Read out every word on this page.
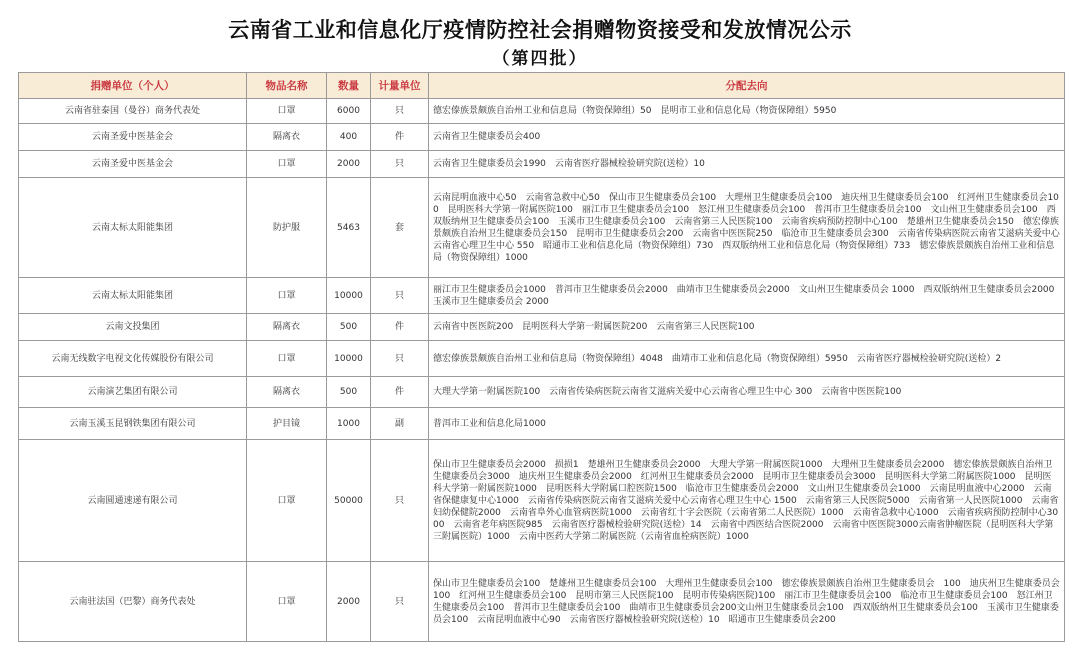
云南省工业和信息化厅疫情防控社会捐赠物资接受和发放情况公示
（第四批）
捐赠单位（个人）	物品名称	数量	计量单位	分配去向
云南省驻泰国（曼谷）商务代表处	口罩	6000	只	德宏傣族景颇族自治州工业和信息局（物资保障组）50　昆明市工业和信息化局（物资保障组）5950
云南圣爱中医基金会	隔离衣	400	件	云南省卫生健康委员会400
云南圣爱中医基金会	口罩	2000	只	云南省卫生健康委员会1990　云南省医疗器械检验研究院(送检）10
云南太标太阳能集团	防护服	5463	套	云南昆明血液中心50　云南省急救中心50　保山市卫生健康委员会100　大理州卫生健康委员会100　迪庆州卫生健康委员会100　红河州卫生健康委员会100　昆明医科大学第一附属医院100　丽江市卫生健康委员会100　怒江州卫生健康委员会100　普洱市卫生健康委员会100　文山州卫生健康委员会100　西双版纳州卫生健康委员会100　玉溪市卫生健康委员会100　云南省第三人民医院100　云南省疾病预防控制中心100　楚雄州卫生健康委员会150　德宏傣族景颇族自治州卫生健康委员会150　昆明市卫生健康委员会200　云南省中医医院250　临沧市卫生健康委员会300　云南省传染病医院云南省艾滋病关爱中心云南省心理卫生中心 550　昭通市工业和信息化局（物资保障组）730　西双版纳州工业和信息化局（物资保障组）733　德宏傣族景颇族自治州工业和信息局（物资保障组）1000
云南太标太阳能集团	口罩	10000	只	丽江市卫生健康委员会1000　普洱市卫生健康委员会2000　曲靖市卫生健康委员会2000　文山州卫生健康委员会 1000　西双版纳州卫生健康委员会2000　玉溪市卫生健康委员会 2000
云南文投集团	隔离衣	500	件	云南省中医医院200　昆明医科大学第一附属医院200　云南省第三人民医院100
云南无线数字电视文化传媒股份有限公司	口罩	10000	只	德宏傣族景颇族自治州工业和信息局（物资保障组）4048　曲靖市工业和信息化局（物资保障组）5950　云南省医疗器械检验研究院(送检）2
云南演艺集团有限公司	隔离衣	500	件	大理大学第一附属医院100　云南省传染病医院云南省艾滋病关爱中心云南省心理卫生中心 300　云南省中医医院100
云南玉溪玉昆钢铁集团有限公司	护目镜	1000	副	普洱市工业和信息化局1000
云南圆通速递有限公司	口罩	50000	只	保山市卫生健康委员会2000　损损1　楚雄州卫生健康委员会2000　大理大学第一附属医院1000　大理州卫生健康委员会2000　德宏傣族景颇族自治州卫生健康委员会3000　迪庆州卫生健康委员会2000　红河州卫生健康委员会2000　昆明市卫生健康委员会3000　昆明医科大学第二附属医院1000　昆明医科大学第一附属医院1000　昆明医科大学附属口腔医院1500　临沧市卫生健康委员会2000　文山州卫生健康委员会1000　云南昆明血液中心2000　云南省保健康复中心1000　云南省传染病医院云南省艾滋病关爱中心云南省心理卫生中心 1500　云南省第三人民医院5000　云南省第一人民医院1000　云南省妇幼保健院2000　云南省阜外心血管病医院1000　云南省红十字会医院（云南省第二人民医院）1000　云南省急救中心1000　云南省疾病预防控制中心3000　云南省老年病医院985　云南省医疗器械检验研究院(送检）14　云南省中西医结合医院2000　云南省中医医院3000云南省肿瘤医院（昆明医科大学第三附属医院）1000　云南中医药大学第二附属医院（云南省血栓病医院）1000
云南驻法国（巴黎）商务代表处	口罩	2000	只	保山市卫生健康委员会100　楚雄州卫生健康委员会100　大理州卫生健康委员会100　德宏傣族景颇族自治州卫生健康委员会　100　迪庆州卫生健康委员会100　红河州卫生健康委员会100　昆明市第三人民医院100　昆明市传染病医院)100　丽江市卫生健康委员会100　临沧市卫生健康委员会100　怒江州卫生健康委员会100　普洱市卫生健康委员会100　曲靖市卫生健康委员会200文山州卫生健康委员会100　西双版纳州卫生健康委员会100　玉溪市卫生健康委员会100　云南昆明血液中心90　云南省医疗器械检验研究院(送检）10　昭通市卫生健康委员会200
